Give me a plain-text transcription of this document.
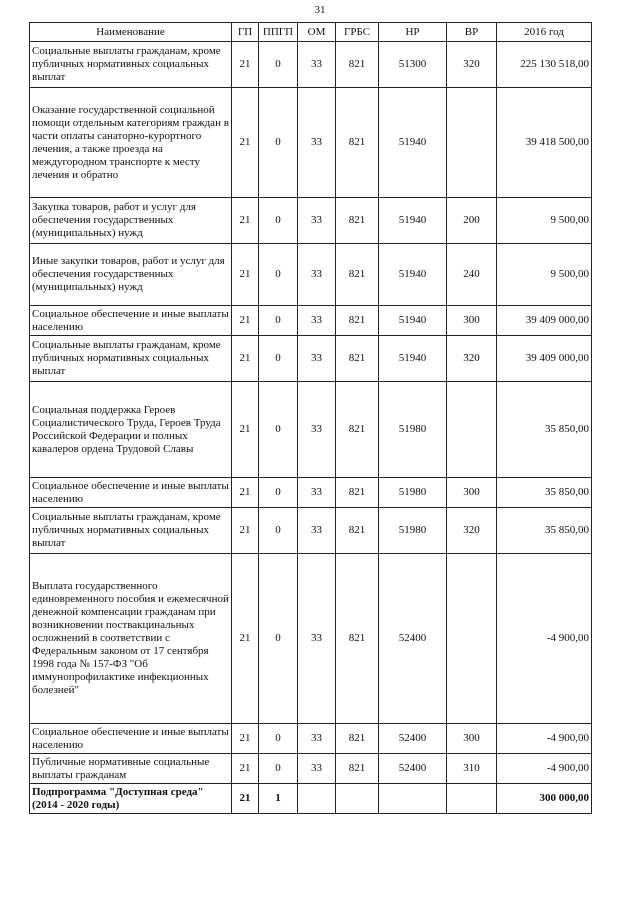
31
Наименование	ГП	ППГП	ОМ	ГРБС	НР	ВР	2016 год
Социальные выплаты гражданам, кроме публичных нормативных социальных выплат	21	0	33	821	51300	320	225 130 518,00
Оказание государственной социальной помощи отдельным категориям граждан в части оплаты санаторно-курортного лечения, а также проезда на междугородном транспорте к месту лечения и обратно	21	0	33	821	51940		39 418 500,00
Закупка товаров, работ и услуг для обеспечения государственных (муниципальных) нужд	21	0	33	821	51940	200	9 500,00
Иные закупки товаров, работ и услуг для обеспечения государственных (муниципальных) нужд	21	0	33	821	51940	240	9 500,00
Социальное обеспечение и иные выплаты населению	21	0	33	821	51940	300	39 409 000,00
Социальные выплаты гражданам, кроме публичных нормативных социальных выплат	21	0	33	821	51940	320	39 409 000,00
Социальная поддержка Героев Социалистического Труда, Героев Труда Российской Федерации и полных кавалеров ордена Трудовой Славы	21	0	33	821	51980		35 850,00
Социальное обеспечение и иные выплаты населению	21	0	33	821	51980	300	35 850,00
Социальные выплаты гражданам, кроме публичных нормативных социальных выплат	21	0	33	821	51980	320	35 850,00
Выплата государственного единовременного пособия и ежемесячной денежной компенсации гражданам при возникновении поствакцинальных осложнений в соответствии с Федеральным законом от 17 сентября 1998 года № 157-ФЗ "Об иммунопрофилактике инфекционных болезней"	21	0	33	821	52400		-4 900,00
Социальное обеспечение и иные выплаты населению	21	0	33	821	52400	300	-4 900,00
Публичные нормативные социальные выплаты гражданам	21	0	33	821	52400	310	-4 900,00
Подпрограмма "Доступная среда" (2014 - 2020 годы)	21	1					300 000,00
